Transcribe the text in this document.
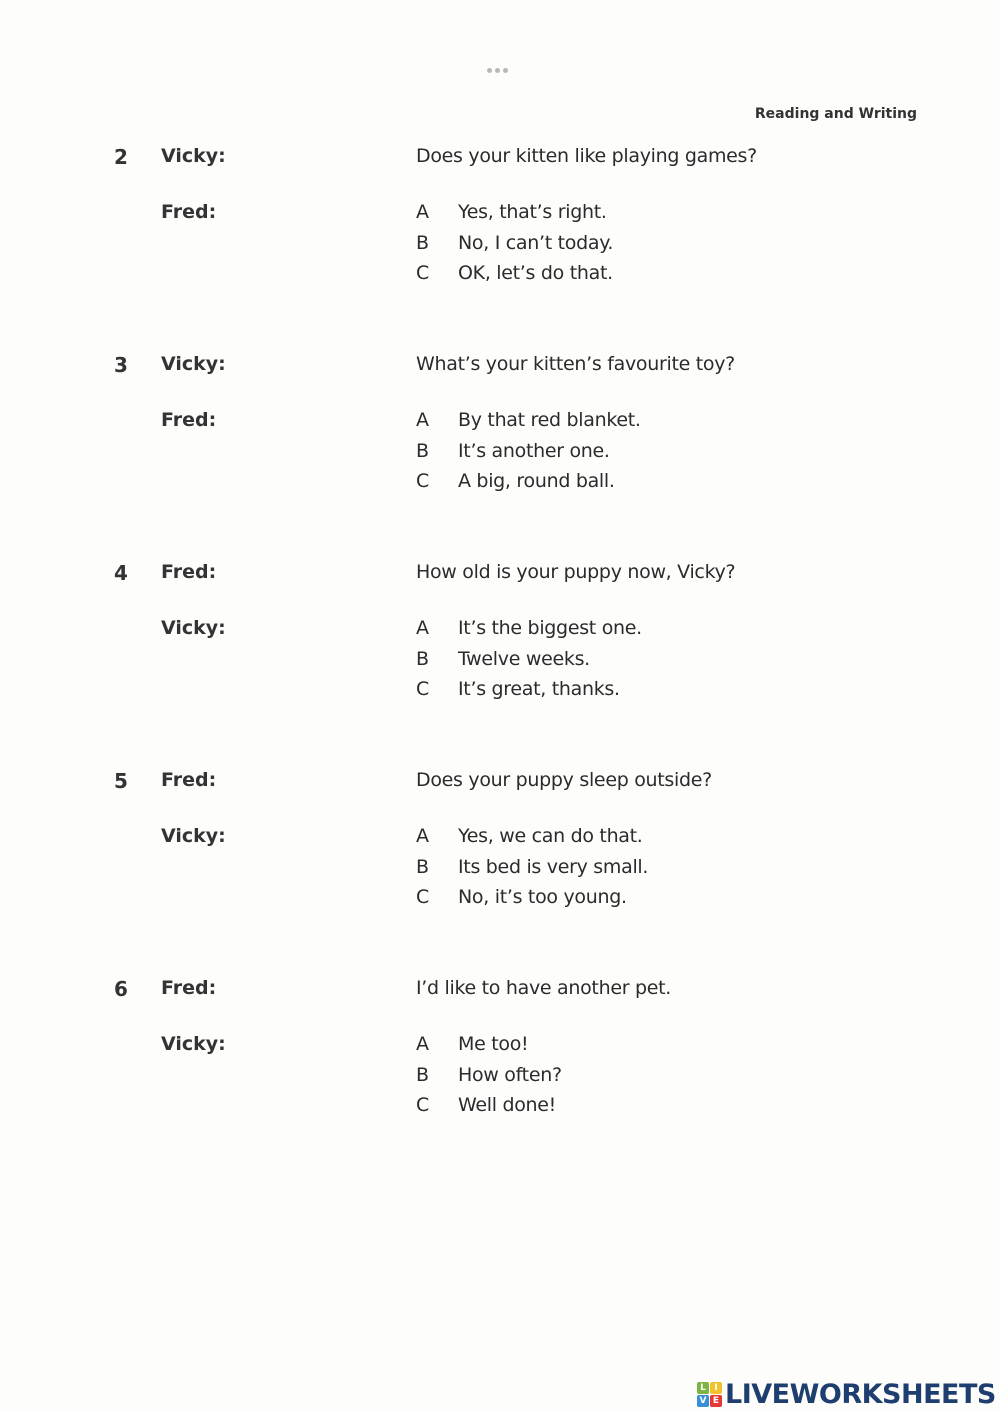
Reading and Writing
2 Vicky:	Does your kitten like playing games?
Fred:	A	Yes, that’s right.
B	No, I can’t today.
C	OK, let’s do that.
3 Vicky:	What’s your kitten’s favourite toy?
Fred:	A	By that red blanket.
B	It’s another one.
C	A big, round ball.
4 Fred:	How old is your puppy now, Vicky?
Vicky:	A	It’s the biggest one.
B	Twelve weeks.
C	It’s great, thanks.
5 Fred:	Does your puppy sleep outside?
Vicky:	A	Yes, we can do that.
B	Its bed is very small.
C	No, it’s too young.
6 Fred:	I’d like to have another pet.
Vicky:	A	Me too!
B	How often?
C	Well done!
L I
V E LIVEWORKSHEETS
